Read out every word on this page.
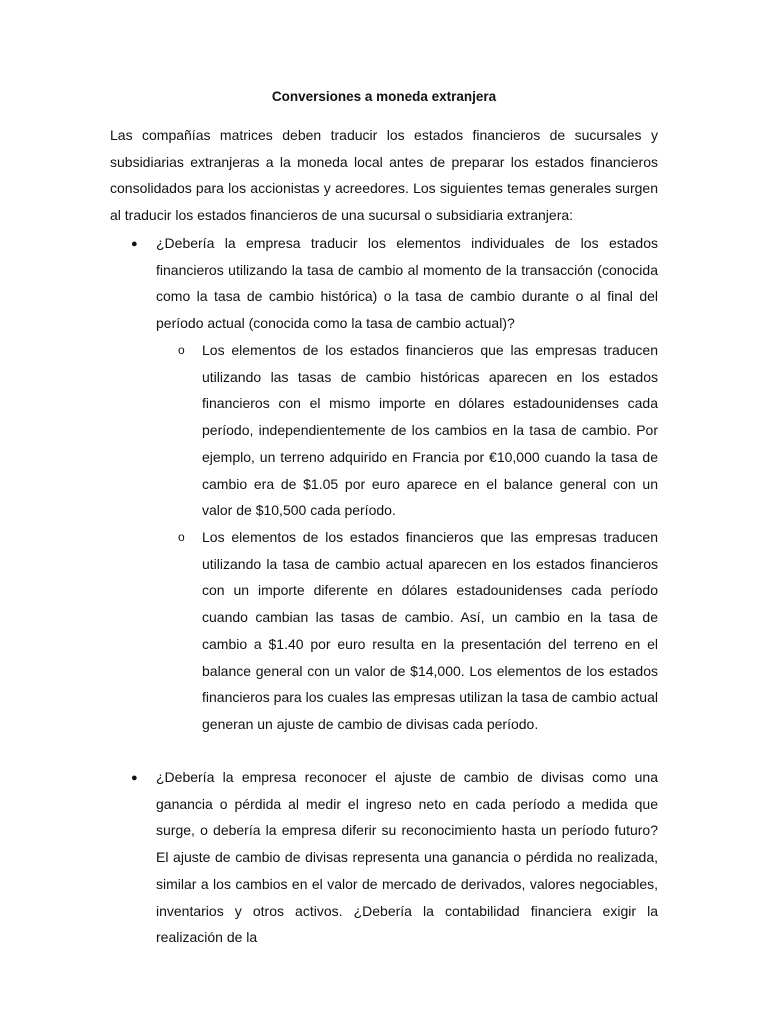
Conversiones a moneda extranjera

Las compañías matrices deben traducir los estados financieros de sucursales y subsidiarias extranjeras a la moneda local antes de preparar los estados financieros consolidados para los accionistas y acreedores. Los siguientes temas generales surgen al traducir los estados financieros de una sucursal o subsidiaria extranjera:

● ¿Debería la empresa traducir los elementos individuales de los estados financieros utilizando la tasa de cambio al momento de la transacción (conocida como la tasa de cambio histórica) o la tasa de cambio durante o al final del período actual (conocida como la tasa de cambio actual)?

o Los elementos de los estados financieros que las empresas traducen utilizando las tasas de cambio históricas aparecen en los estados financieros con el mismo importe en dólares estadounidenses cada período, independientemente de los cambios en la tasa de cambio. Por ejemplo, un terreno adquirido en Francia por €10,000 cuando la tasa de cambio era de $1.05 por euro aparece en el balance general con un valor de $10,500 cada período.

o Los elementos de los estados financieros que las empresas traducen utilizando la tasa de cambio actual aparecen en los estados financieros con un importe diferente en dólares estadounidenses cada período cuando cambian las tasas de cambio. Así, un cambio en la tasa de cambio a $1.40 por euro resulta en la presentación del terreno en el balance general con un valor de $14,000. Los elementos de los estados financieros para los cuales las empresas utilizan la tasa de cambio actual generan un ajuste de cambio de divisas cada período.

● ¿Debería la empresa reconocer el ajuste de cambio de divisas como una ganancia o pérdida al medir el ingreso neto en cada período a medida que surge, o debería la empresa diferir su reconocimiento hasta un período futuro? El ajuste de cambio de divisas representa una ganancia o pérdida no realizada, similar a los cambios en el valor de mercado de derivados, valores negociables, inventarios y otros activos. ¿Debería la contabilidad financiera exigir la realización de la
